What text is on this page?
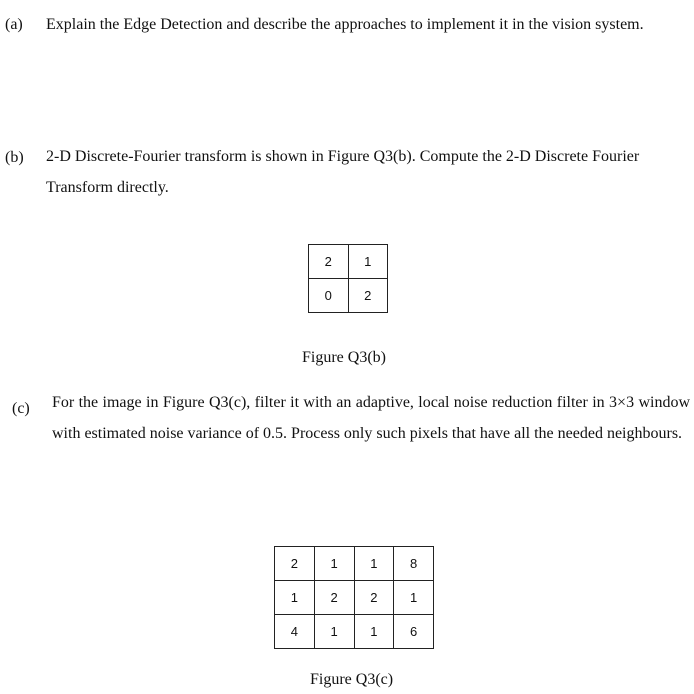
(a) Explain the Edge Detection and describe the approaches to implement it in the vision system.
(b) 2-D Discrete-Fourier transform is shown in Figure Q3(b). Compute the 2-D Discrete Fourier Transform directly.
2	1
0	2
Figure Q3(b)
(c) For the image in Figure Q3(c), filter it with an adaptive, local noise reduction filter in 3×3 window with estimated noise variance of 0.5. Process only such pixels that have all the needed neighbours.
2	1	1	8
1	2	2	1
4	1	1	6
Figure Q3(c)
